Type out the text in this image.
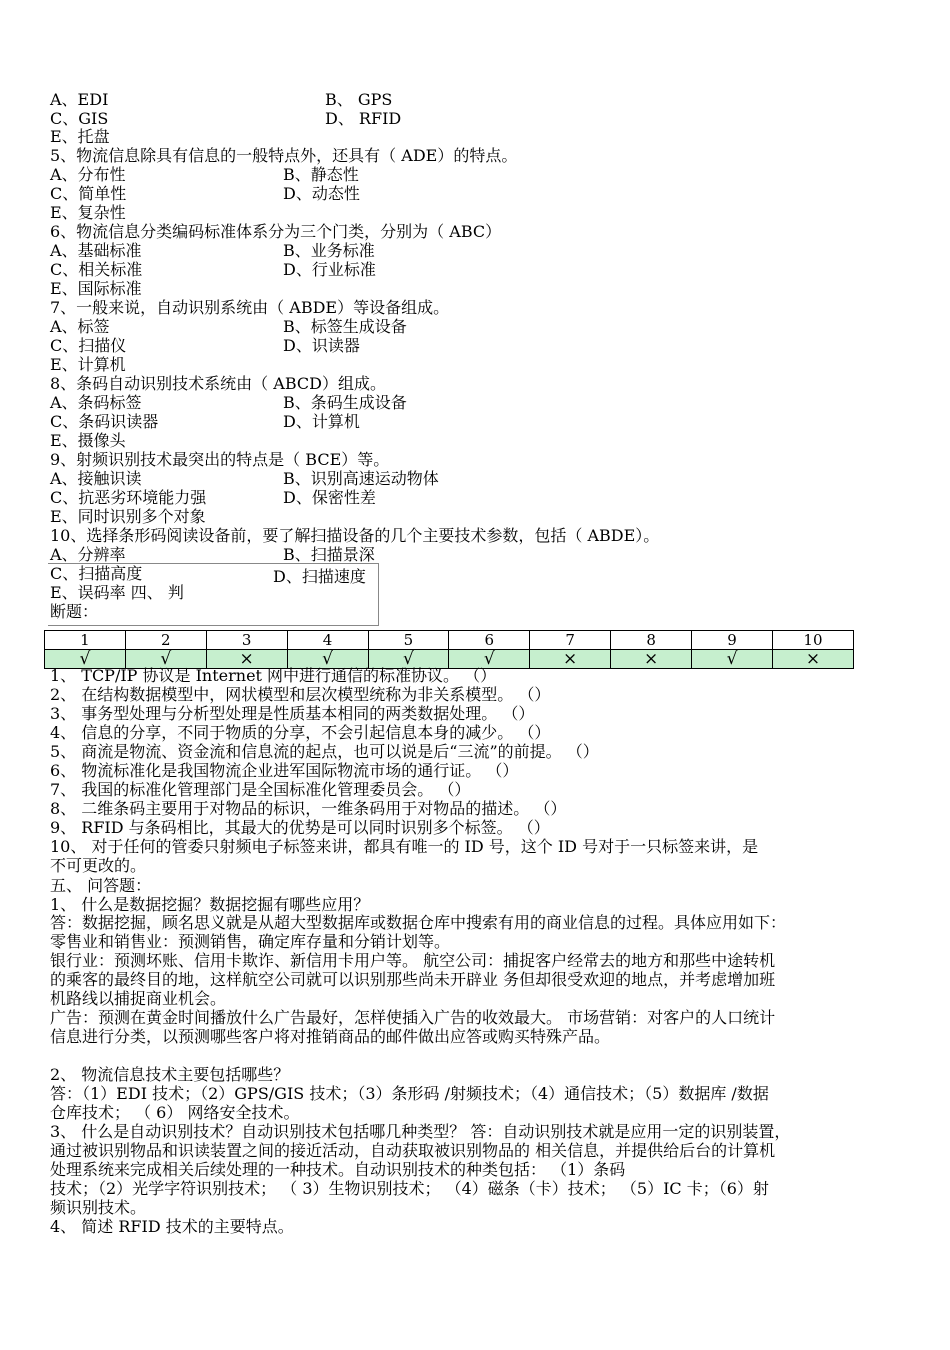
A、EDI	B、 GPS
C、GIS	D、 RFID
E、托盘
5、物流信息除具有信息的一般特点外，还具有（ ADE）的特点。
A、分布性	B、静态性
C、简单性	D、动态性
E、复杂性
6、物流信息分类编码标准体系分为三个门类，分别为（ ABC）
A、基础标准	B、业务标准
C、相关标准	D、行业标准
E、国际标准
7、一般来说，自动识别系统由（ ABDE）等设备组成。
A、标签	B、标签生成设备
C、扫描仪	D、识读器
E、计算机
8、条码自动识别技术系统由（ ABCD）组成。
A、条码标签	B、条码生成设备
C、条码识读器	D、计算机
E、摄像头
9、射频识别技术最突出的特点是（ BCE）等。
A、接触识读	B、识别高速运动物体
C、抗恶劣环境能力强	D、保密性差
E、同时识别多个对象
10、选择条形码阅读设备前，要了解扫描设备的几个主要技术参数，包括（ ABDE）。
A、分辨率	B、扫描景深
C、扫描高度	D、扫描速度
E、误码率 四、 判
断题：
1	2	3	4	5	6	7	8	9	10
√	√	×	√	√	√	×	×	√	×
1、 TCP/IP 协议是 Internet 网中进行通信的标准协议。 （）
2、 在结构数据模型中，网状模型和层次模型统称为非关系模型。 （）
3、 事务型处理与分析型处理是性质基本相同的两类数据处理。 （）
4、 信息的分享，不同于物质的分享，不会引起信息本身的减少。 （）
5、 商流是物流、资金流和信息流的起点，也可以说是后“三流”的前提。 （）
6、 物流标准化是我国物流企业进军国际物流市场的通行证。 （）
7、 我国的标准化管理部门是全国标准化管理委员会。 （）
8、 二维条码主要用于对物品的标识，一维条码用于对物品的描述。 （）
9、 RFID 与条码相比，其最大的优势是可以同时识别多个标签。 （）
10、 对于任何的管委只射频电子标签来讲，都具有唯一的 ID 号，这个 ID 号对于一只标签来讲，是
不可更改的。
五、 问答题：
1、 什么是数据挖掘？数据挖掘有哪些应用？
答：数据挖掘，顾名思义就是从超大型数据库或数据仓库中搜索有用的商业信息的过程。具体应用如下：
零售业和销售业：预测销售，确定库存量和分销计划等。
银行业：预测坏账、信用卡欺诈、新信用卡用户等。 航空公司：捕捉客户经常去的地方和那些中途转机
的乘客的最终目的地，这样航空公司就可以识别那些尚未开辟业 务但却很受欢迎的地点，并考虑增加班
机路线以捕捉商业机会。
广告：预测在黄金时间播放什么广告最好，怎样使插入广告的收效最大。 市场营销：对客户的人口统计
信息进行分类，以预测哪些客户将对推销商品的邮件做出应答或购买特殊产品。
2、 物流信息技术主要包括哪些？
答：（1）EDI 技术；（2）GPS/GIS 技术；（3）条形码 /射频技术；（4）通信技术；（5）数据库 /数据
仓库技术； （ 6） 网络安全技术。
3、 什么是自动识别技术？自动识别技术包括哪几种类型？ 答：自动识别技术就是应用一定的识别装置，
通过被识别物品和识读装置之间的接近活动，自动获取被识别物品的 相关信息，并提供给后台的计算机
处理系统来完成相关后续处理的一种技术。自动识别技术的种类包括： （1）条码
技术；（2）光学字符识别技术； （ 3）生物识别技术； （4）磁条（卡）技术； （5）IC 卡；（6）射
频识别技术。
4、 简述 RFID 技术的主要特点。
